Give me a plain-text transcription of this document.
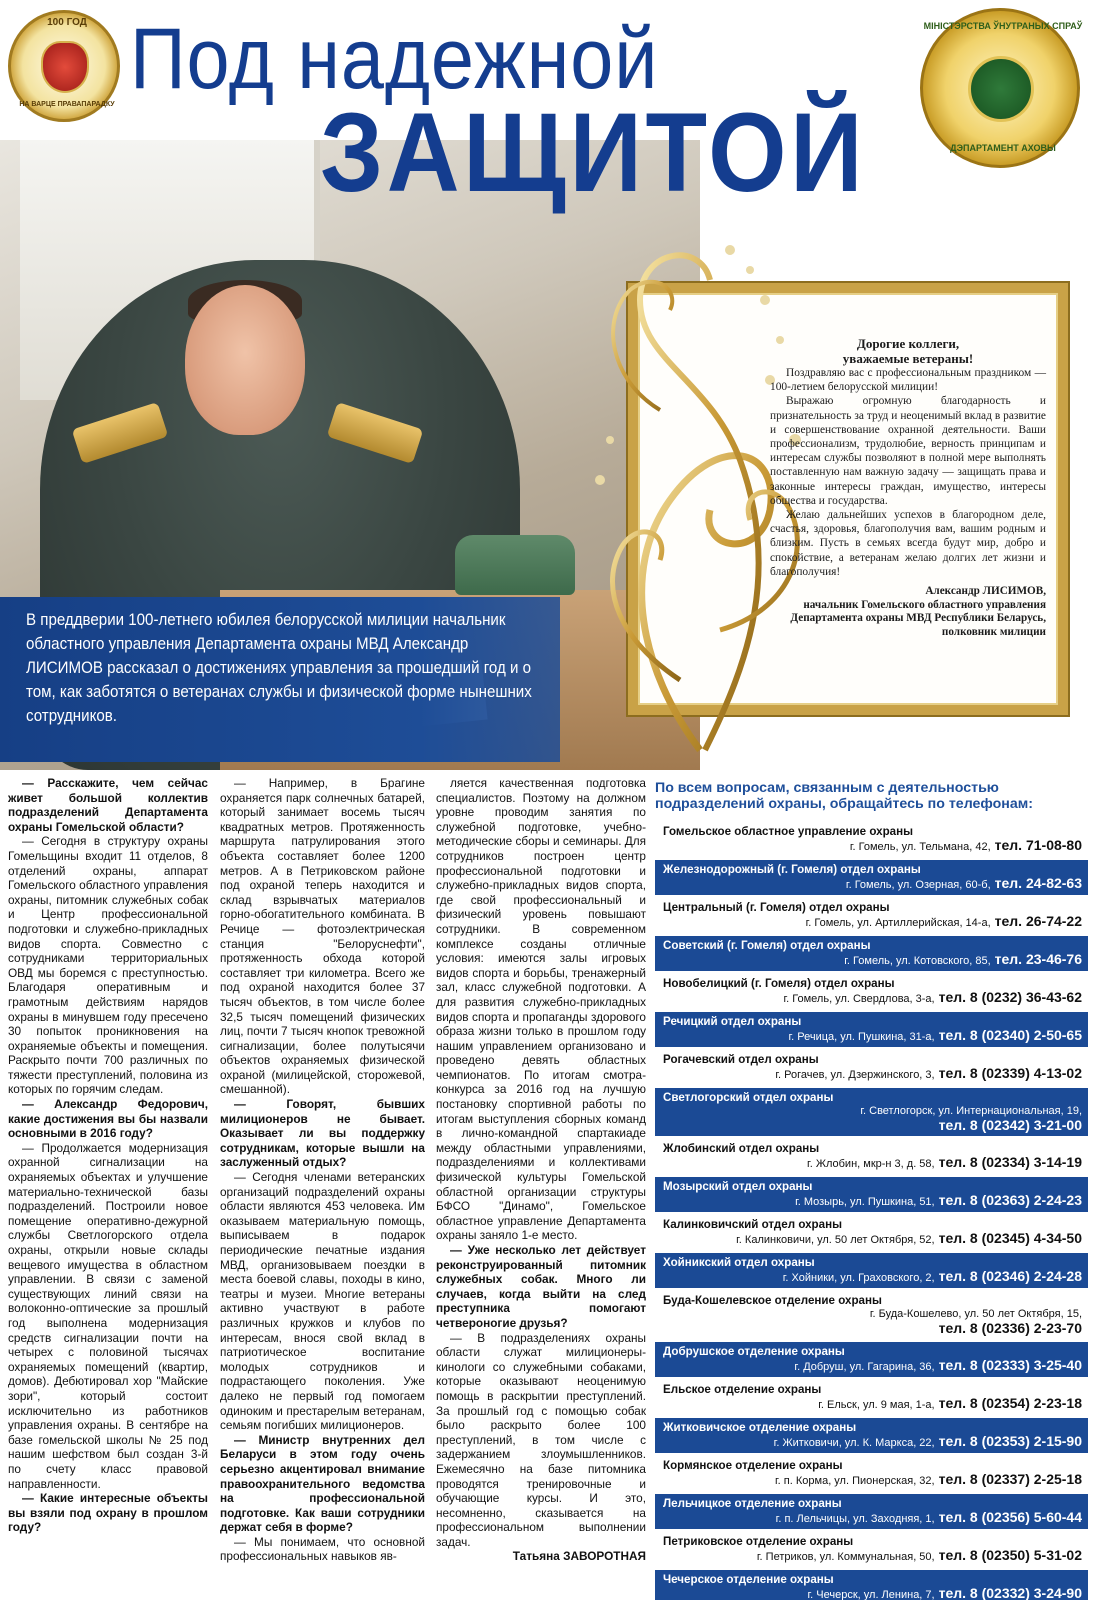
100 ГОД
НА ВАРЦЕ ПРАВАПАРАДКУ Под надежной
ЗАЩИТОЙ
МІНІСТЭРСТВА ЎНУТРАНЫХ СПРАЎ
ДЭПАРТАМЕНТ АХОВЫ
Дорогие коллеги,
уважаемые ветераны!

Поздравляю вас с профессиональным праздником — 100-летием белорусской милиции!

Выражаю огромную благодарность и признательность за труд и неоценимый вклад в развитие и совершенствование охранной деятельности. Ваши профессионализм, трудолюбие, верность принципам и интересам службы позволяют в полной мере выполнять поставленную нам важную задачу — защищать права и законные интересы граждан, имущество, интересы общества и государства.

Желаю дальнейших успехов в благородном деле, счастья, здоровья, благополучия вам, вашим родным и близким. Пусть в семьях всегда будут мир, добро и спокойствие, а ветеранам желаю долгих лет жизни и благополучия!

Александр ЛИСИМОВ,
начальник Гомельского областного управления Департамента охраны МВД Республики Беларусь, полковник милиции
В преддверии 100-летнего юбилея белорусской милиции начальник областного управления Департамента охраны МВД Александр ЛИСИМОВ рассказал о достижениях управления за прошедший год и о том, как заботятся о ветеранах службы и физической форме нынешних сотрудников.

— Расскажите, чем сейчас живет большой коллектив подразделений Департамента охраны Гомельской области?

— Сегодня в структуру охраны Гомельщины входит 11 отделов, 8 отделений охраны, аппарат Гомельского областного управления охраны, питомник служебных собак и Центр профессиональной подготовки и служебно-прикладных видов спорта. Совместно с сотрудниками территориальных ОВД мы боремся с преступностью. Благодаря оперативным и грамотным действиям нарядов охраны в минувшем году пресечено 30 попыток проникновения на охраняемые объекты и помещения. Раскрыто почти 700 различных по тяжести преступлений, половина из которых по горячим следам.

— Александр Федорович, какие достижения вы бы назвали основными в 2016 году?

— Продолжается модернизация охранной сигнализации на охраняемых объектах и улучшение материально-технической базы подразделений. Построили новое помещение оперативно-дежурной службы Светлогорского отдела охраны, открыли новые склады вещевого имущества в областном управлении. В связи с заменой существующих линий связи на волоконно-оптические за прошлый год выполнена модернизация средств сигнализации почти на четырех с половиной тысячах охраняемых помещений (квартир, домов). Дебютировал хор "Майские зори", который состоит исключительно из работников управления охраны. В сентябре на базе гомельской школы № 25 под нашим шефством был создан 3-й по счету класс правовой направленности.

— Какие интересные объекты вы взяли под охрану в прошлом году?

— Например, в Брагине охраняется парк солнечных батарей, который занимает восемь тысяч квадратных метров. Протяженность маршрута патрулирования этого объекта составляет более 1200 метров. А в Петриковском районе под охраной теперь находится и склад взрывчатых материалов горно-обогатительного комбината. В Речице — фотоэлектрическая станция "Белоруснефти", протяженность обхода которой составляет три километра. Всего же под охраной находится более 37 тысяч объектов, в том числе более 32,5 тысяч помещений физических лиц, почти 7 тысяч кнопок тревожной сигнализации, более полутысячи объектов охраняемых физической охраной (милицейской, сторожевой, смешанной).

— Говорят, бывших милиционеров не бывает. Оказывает ли вы поддержку сотрудникам, которые вышли на заслуженный отдых?

— Сегодня членами ветеранских организаций подразделений охраны области являются 453 человека. Им оказываем материальную помощь, выписываем в подарок периодические печатные издания МВД, организовываем поездки в места боевой славы, походы в кино, театры и музеи. Многие ветераны активно участвуют в работе различных кружков и клубов по интересам, внося свой вклад в патриотическое воспитание молодых сотрудников и подрастающего поколения. Уже далеко не первый год помогаем одиноким и престарелым ветеранам, семьям погибших милиционеров.

— Министр внутренних дел Беларуси в этом году очень серьезно акцентировал внимание правоохранительного ведомства на профессиональной подготовке. Как ваши сотрудники держат себя в форме?

— Мы понимаем, что основной профессиональных навыков яв-

ляется качественная подготовка специалистов. Поэтому на должном уровне проводим занятия по служебной подготовке, учебно-методические сборы и семинары. Для сотрудников построен центр профессиональной подготовки и служебно-прикладных видов спорта, где свой профессиональный и физический уровень повышают сотрудники. В современном комплексе созданы отличные условия: имеются залы игровых видов спорта и борьбы, тренажерный зал, класс служебной подготовки. А для развития служебно-прикладных видов спорта и пропаганды здорового образа жизни только в прошлом году нашим управлением организовано и проведено девять областных чемпионатов. По итогам смотра-конкурса за 2016 год на лучшую постановку спортивной работы по итогам выступления сборных команд в лично-командной спартакиаде между областными управлениями, подразделениями и коллективами физической культуры Гомельской областной организации структуры БФСО "Динамо", Гомельское областное управление Департамента охраны заняло 1-е место.

— Уже несколько лет действует реконструированный питомник служебных собак. Много ли случаев, когда выйти на след преступника помогают четвероногие друзья?

— В подразделениях охраны области служат милиционеры-кинологи со служебными собаками, которые оказывают неоценимую помощь в раскрытии преступлений. За прошлый год с помощью собак было раскрыто более 100 преступлений, в том числе с задержанием злоумышленников. Ежемесячно на базе питомника проводятся тренировочные и обучающие курсы. И это, несомненно, сказывается на профессиональном выполнении задач.

Татьяна ЗАВОРОТНАЯ

По всем вопросам, связанным с деятельностью подразделений охраны, обращайтесь по телефонам:
Гомельское областное управление охраны
г. Гомель, ул. Тельмана, 42, тел. 71-08-80
Железнодорожный (г. Гомеля) отдел охраны
г. Гомель, ул. Озерная, 60-б, тел. 24-82-63
Центральный (г. Гомеля) отдел охраны
г. Гомель, ул. Артиллерийская, 14-а, тел. 26-74-22
Советский (г. Гомеля) отдел охраны
г. Гомель, ул. Котовского, 85, тел. 23-46-76
Новобелицкий (г. Гомеля) отдел охраны
г. Гомель, ул. Свердлова, 3-а, тел. 8 (0232) 36-43-62
Речицкий отдел охраны
г. Речица, ул. Пушкина, 31-а, тел. 8 (02340) 2-50-65
Рогачевский отдел охраны
г. Рогачев, ул. Дзержинского, 3, тел. 8 (02339) 4-13-02
Светлогорский отдел охраны
г. Светлогорск, ул. Интернациональная, 19,
тел. 8 (02342) 3-21-00
Жлобинский отдел охраны
г. Жлобин, мкр-н 3, д. 58, тел. 8 (02334) 3-14-19
Мозырский отдел охраны
г. Мозырь, ул. Пушкина, 51, тел. 8 (02363) 2-24-23
Калинковичский отдел охраны
г. Калинковичи, ул. 50 лет Октября, 52, тел. 8 (02345) 4-34-50
Хойникский отдел охраны
г. Хойники, ул. Граховского, 2, тел. 8 (02346) 2-24-28
Буда-Кошелевское отделение охраны
г. Буда-Кошелево, ул. 50 лет Октября, 15,
тел. 8 (02336) 2-23-70
Добрушское отделение охраны
г. Добруш, ул. Гагарина, 36, тел. 8 (02333) 3-25-40
Ельское отделение охраны
г. Ельск, ул. 9 мая, 1-а, тел. 8 (02354) 2-23-18
Житковичское отделение охраны
г. Житковичи, ул. К. Маркса, 22, тел. 8 (02353) 2-15-90
Кормянское отделение охраны
г. п. Корма, ул. Пионерская, 32, тел. 8 (02337) 2-25-18
Лельчицкое отделение охраны
г. п. Лельчицы, ул. Заходняя, 1, тел. 8 (02356) 5-60-44
Петриковское отделение охраны
г. Петриков, ул. Коммунальная, 50, тел. 8 (02350) 5-31-02
Чечерское отделение охраны
г. Чечерск, ул. Ленина, 7, тел. 8 (02332) 3-24-90
